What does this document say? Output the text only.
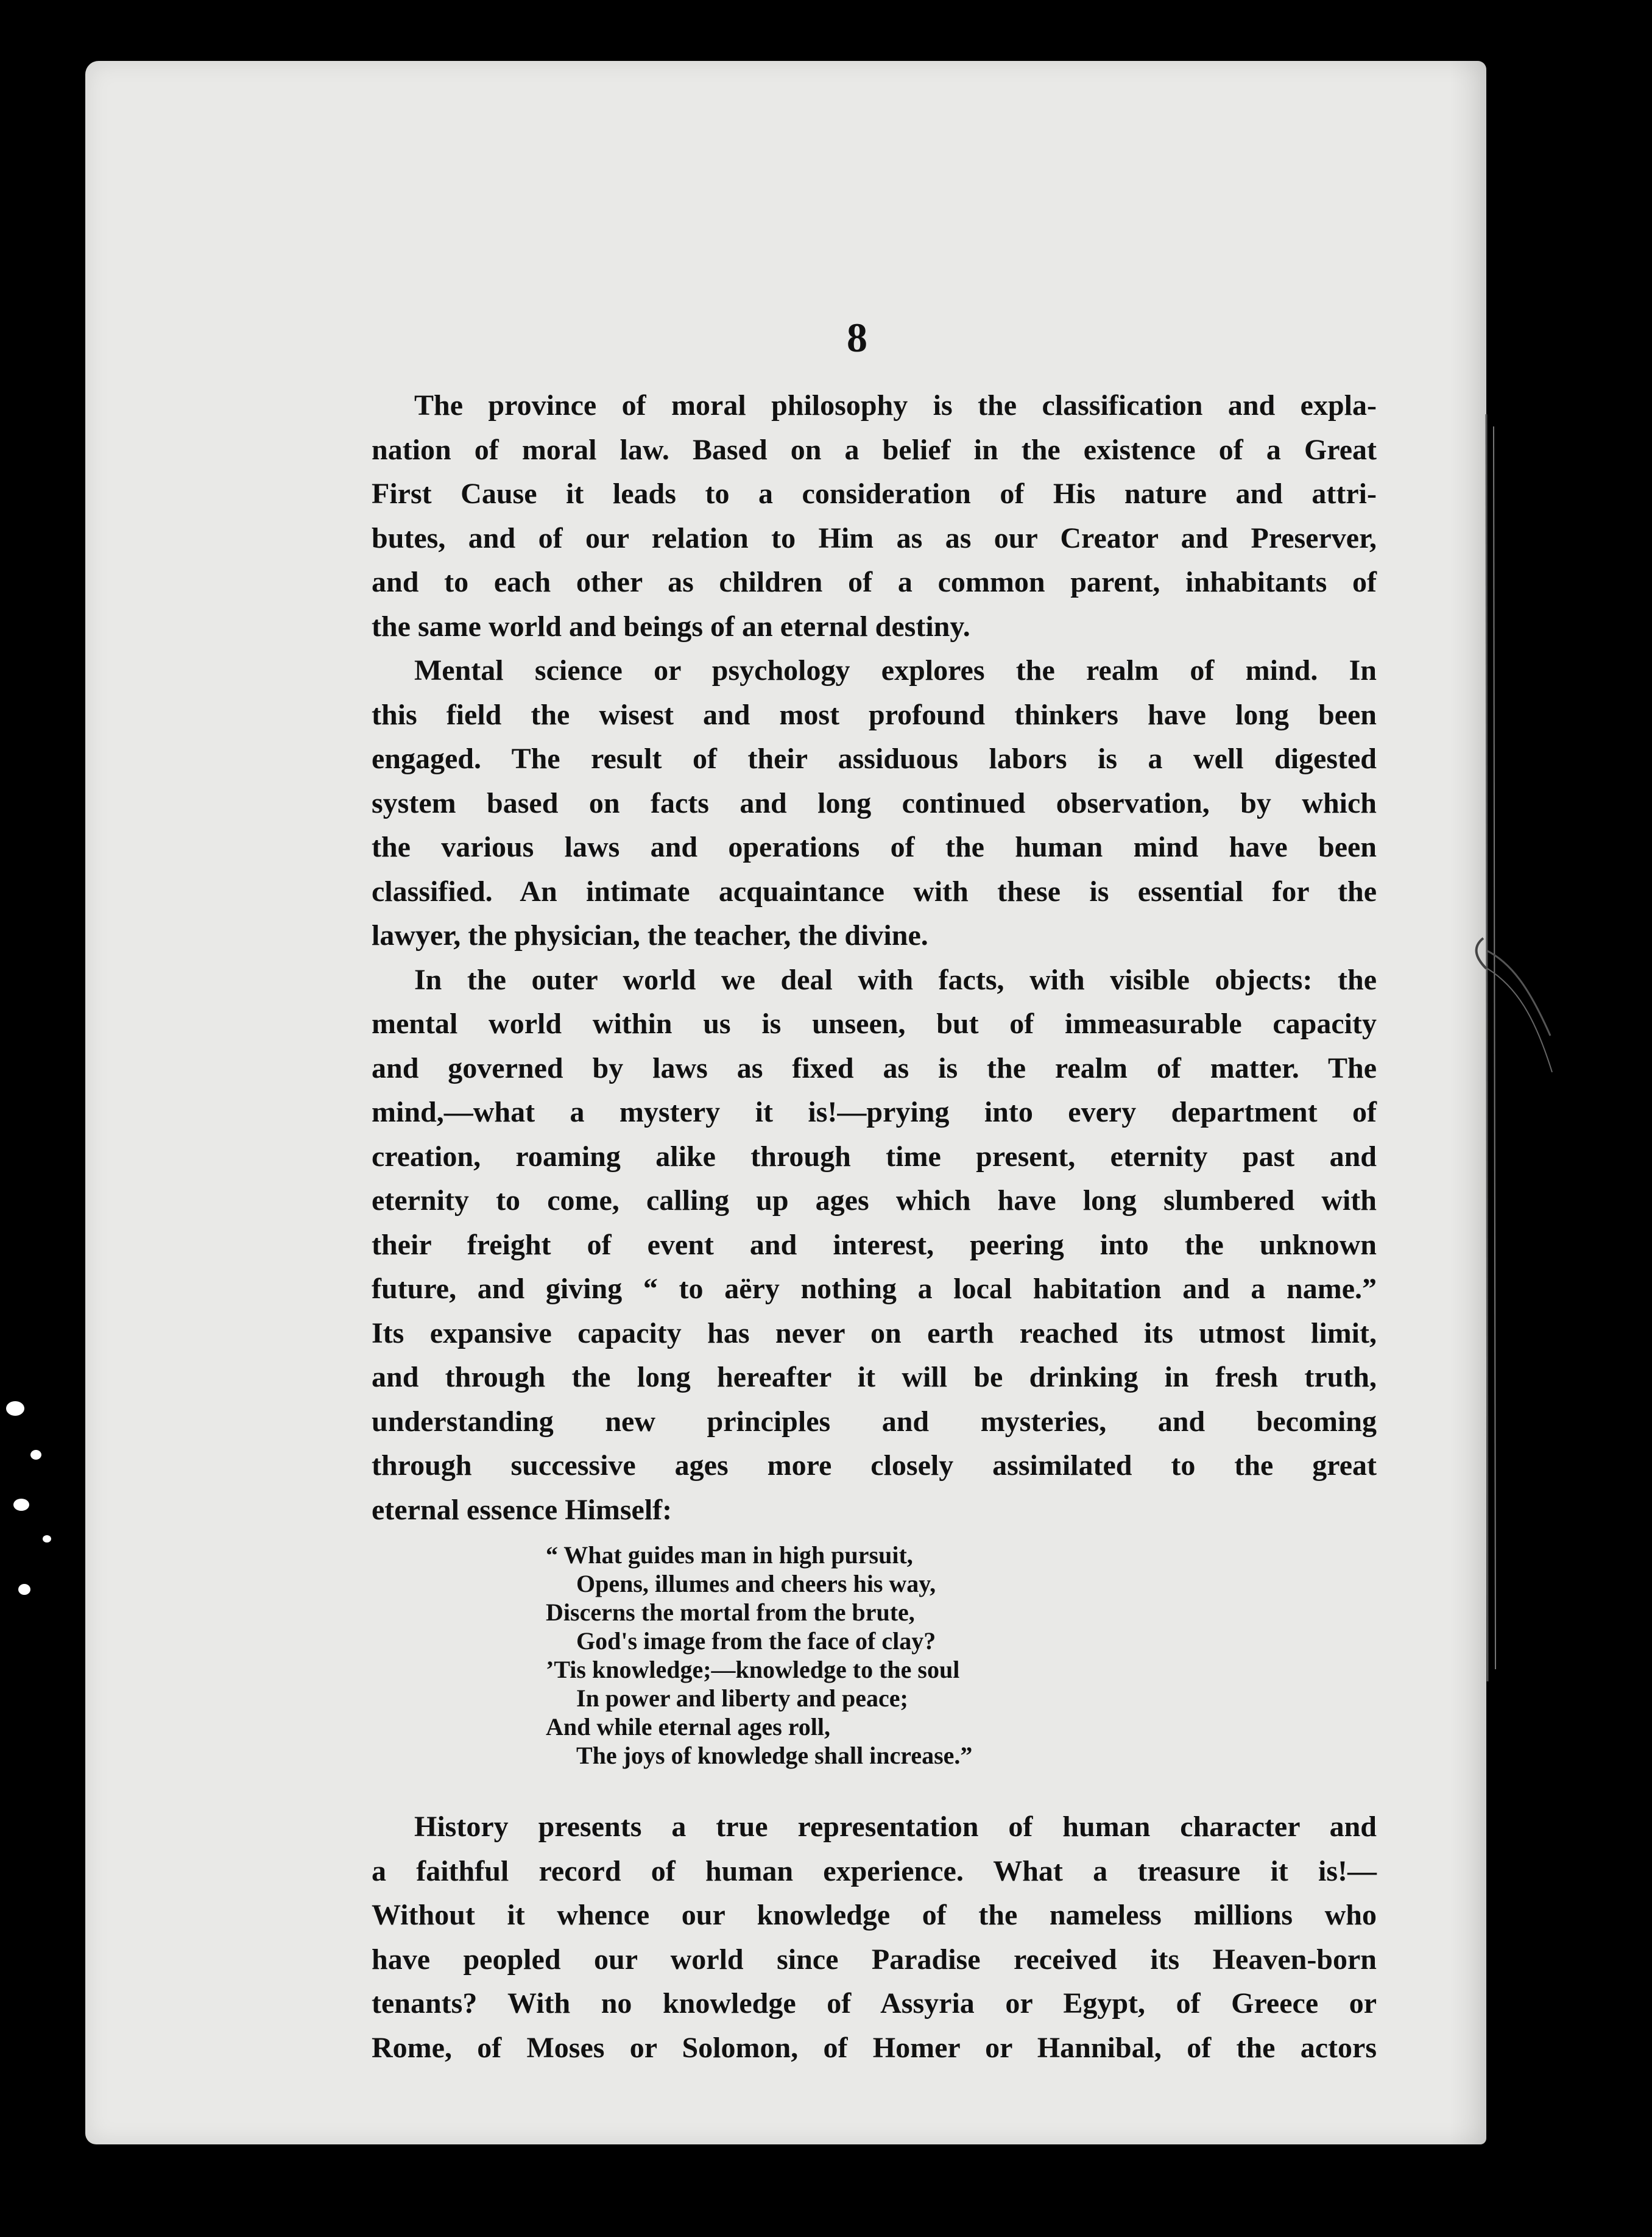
8
The province of moral philosophy is the classification and expla-
nation of moral law. Based on a belief in the existence of a Great
First Cause it leads to a consideration of His nature and attri-
butes, and of our relation to Him as as our Creator and Preserver,
and to each other as children of a common parent, inhabitants of
the same world and beings of an eternal destiny.
Mental science or psychology explores the realm of mind. In
this field the wisest and most profound thinkers have long been
engaged. The result of their assiduous labors is a well digested
system based on facts and long continued observation, by which
the various laws and operations of the human mind have been
classified. An intimate acquaintance with these is essential for the
lawyer, the physician, the teacher, the divine.
In the outer world we deal with facts, with visible objects: the
mental world within us is unseen, but of immeasurable capacity
and governed by laws as fixed as is the realm of matter. The
mind,—what a mystery it is!—prying into every department of
creation, roaming alike through time present, eternity past and
eternity to come, calling up ages which have long slumbered with
their freight of event and interest, peering into the unknown
future, and giving “ to aëry nothing a local habitation and a name.”
Its expansive capacity has never on earth reached its utmost limit,
and through the long hereafter it will be drinking in fresh truth,
understanding new principles and mysteries, and becoming
through successive ages more closely assimilated to the great
eternal essence Himself:
“ What guides man in high pursuit,
Opens, illumes and cheers his way,
Discerns the mortal from the brute,
God's image from the face of clay?
’Tis knowledge;—knowledge to the soul
In power and liberty and peace;
And while eternal ages roll,
The joys of knowledge shall increase.”
History presents a true representation of human character and
a faithful record of human experience. What a treasure it is!—
Without it whence our knowledge of the nameless millions who
have peopled our world since Paradise received its Heaven-born
tenants? With no knowledge of Assyria or Egypt, of Greece or
Rome, of Moses or Solomon, of Homer or Hannibal, of the actors
